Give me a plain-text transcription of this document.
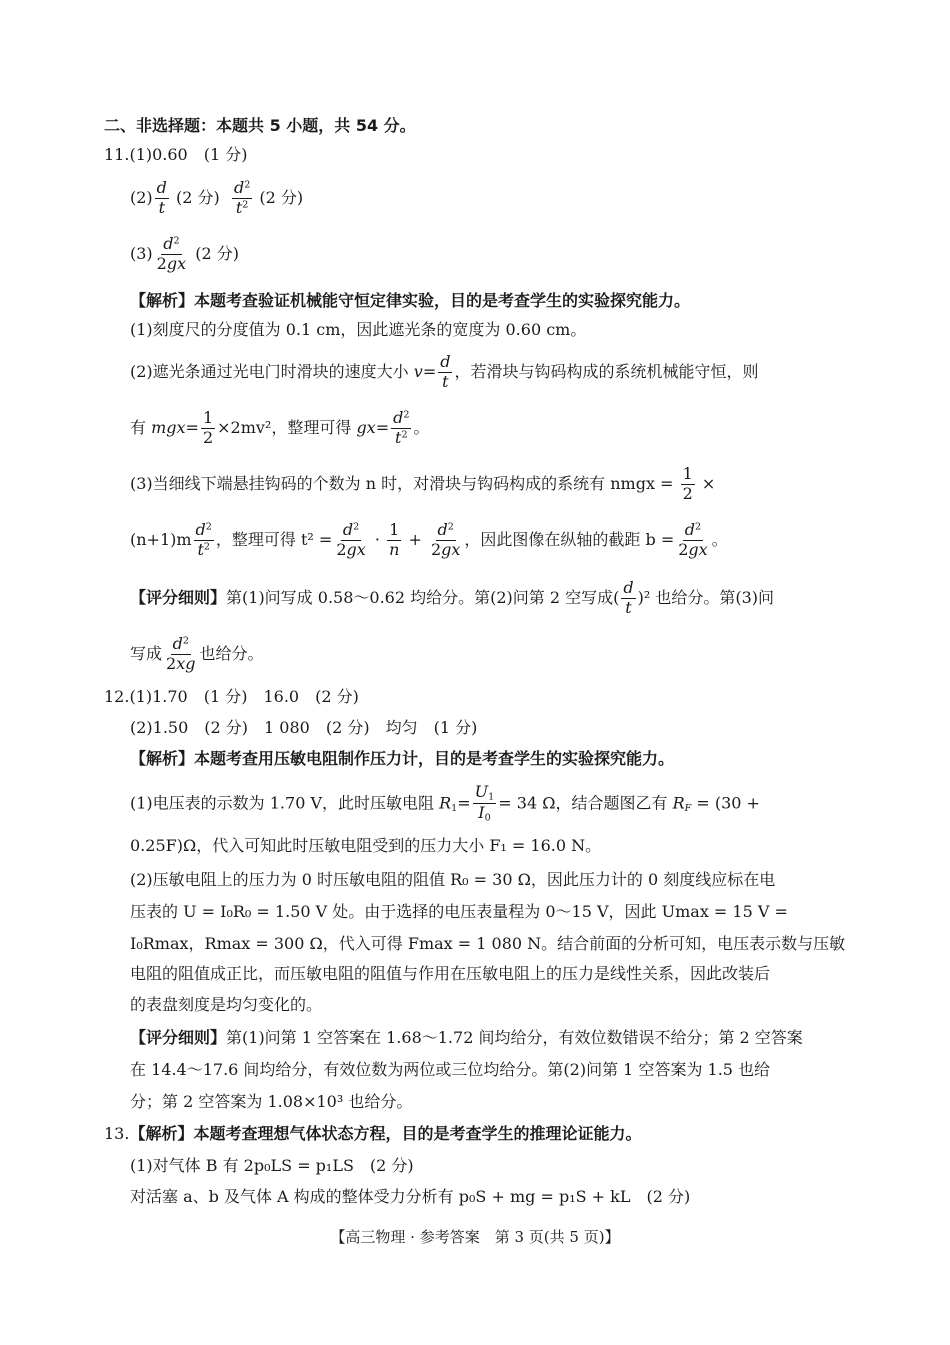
二、非选择题：本题共 5 小题，共 54 分。
11.(1)0.60　(1 分)
$(2) \frac{d}{t} (2$ 分) $\frac{d^2}{t^2} (2$ 分)
$(3) \frac{d^2}{2gx} (2$ 分)
【解析】本题考查验证机械能守恒定律实验，目的是考查学生的实验探究能力。
(1)刻度尺的分度值为 0.1 cm，因此遮光条的宽度为 0.60 cm。
(2)遮光条通过光电门时滑块的速度大小 $v= \frac{d}{t}$ ，若滑块与钩码构成的系统机械能守恒，则
有 $mgx= \frac{1}{2} \times 2mv^2$，整理可得 $gx= \frac{d^2}{t^2}$ 。
(3)当细线下端悬挂钩码的个数为 n 时，对滑块与钩码构成的系统有 nmgx = $\frac{1}{2}$ ×
$(n+1)m \frac{d^2}{t^2}$ ，整理可得 $t^2 = \frac{d^2}{2gx} \cdot \frac{1}{n} + \frac{d^2}{2gx}$ ，因此图像在纵轴的截距 $b = \frac{d^2}{2gx}$ 。
【评分细则】第(1)问写成 0.58～0.62 均给分。第(2)问第 2 空写成( $\frac{d}{t} )^2$ 也给分。第(3)问
写成 $\frac{d^2}{2xg}$ 也给分。
12.(1)1.70　(1 分)　16.0　(2 分)
(2)1.50　(2 分)　1 080　(2 分)　均匀　(1 分)
【解析】本题考查用压敏电阻制作压力计，目的是考查学生的实验探究能力。
(1)电压表的示数为 1.70 V，此时压敏电阻 $R_1= \frac{U_1}{I_0} = 34$ Ω，结合题图乙有 $R_F = (30$ +
0.25F)Ω，代入可知此时压敏电阻受到的压力大小 F₁ = 16.0 N。
(2)压敏电阻上的压力为 0 时压敏电阻的阻值 R₀ = 30 Ω，因此压力计的 0 刻度线应标在电
压表的 U = I₀R₀ = 1.50 V 处。由于选择的电压表量程为 0～15 V，因此 Umax = 15 V =
I₀Rmax，Rmax = 300 Ω，代入可得 Fmax = 1 080 N。结合前面的分析可知，电压表示数与压敏
电阻的阻值成正比，而压敏电阻的阻值与作用在压敏电阻上的压力是线性关系，因此改装后
的表盘刻度是均匀变化的。
【评分细则】第(1)问第 1 空答案在 1.68～1.72 间均给分，有效位数错误不给分；第 2 空答案
在 14.4～17.6 间均给分，有效位数为两位或三位均给分。第(2)问第 1 空答案为 1.5 也给
分；第 2 空答案为 1.08×10³ 也给分。
13.【解析】本题考查理想气体状态方程，目的是考查学生的推理论证能力。
(1)对气体 B 有 2p₀LS = p₁LS　(2 分)
对活塞 a、b 及气体 A 构成的整体受力分析有 p₀S + mg = p₁S + kL　(2 分)
【高三物理 · 参考答案　第 3 页(共 5 页)】
